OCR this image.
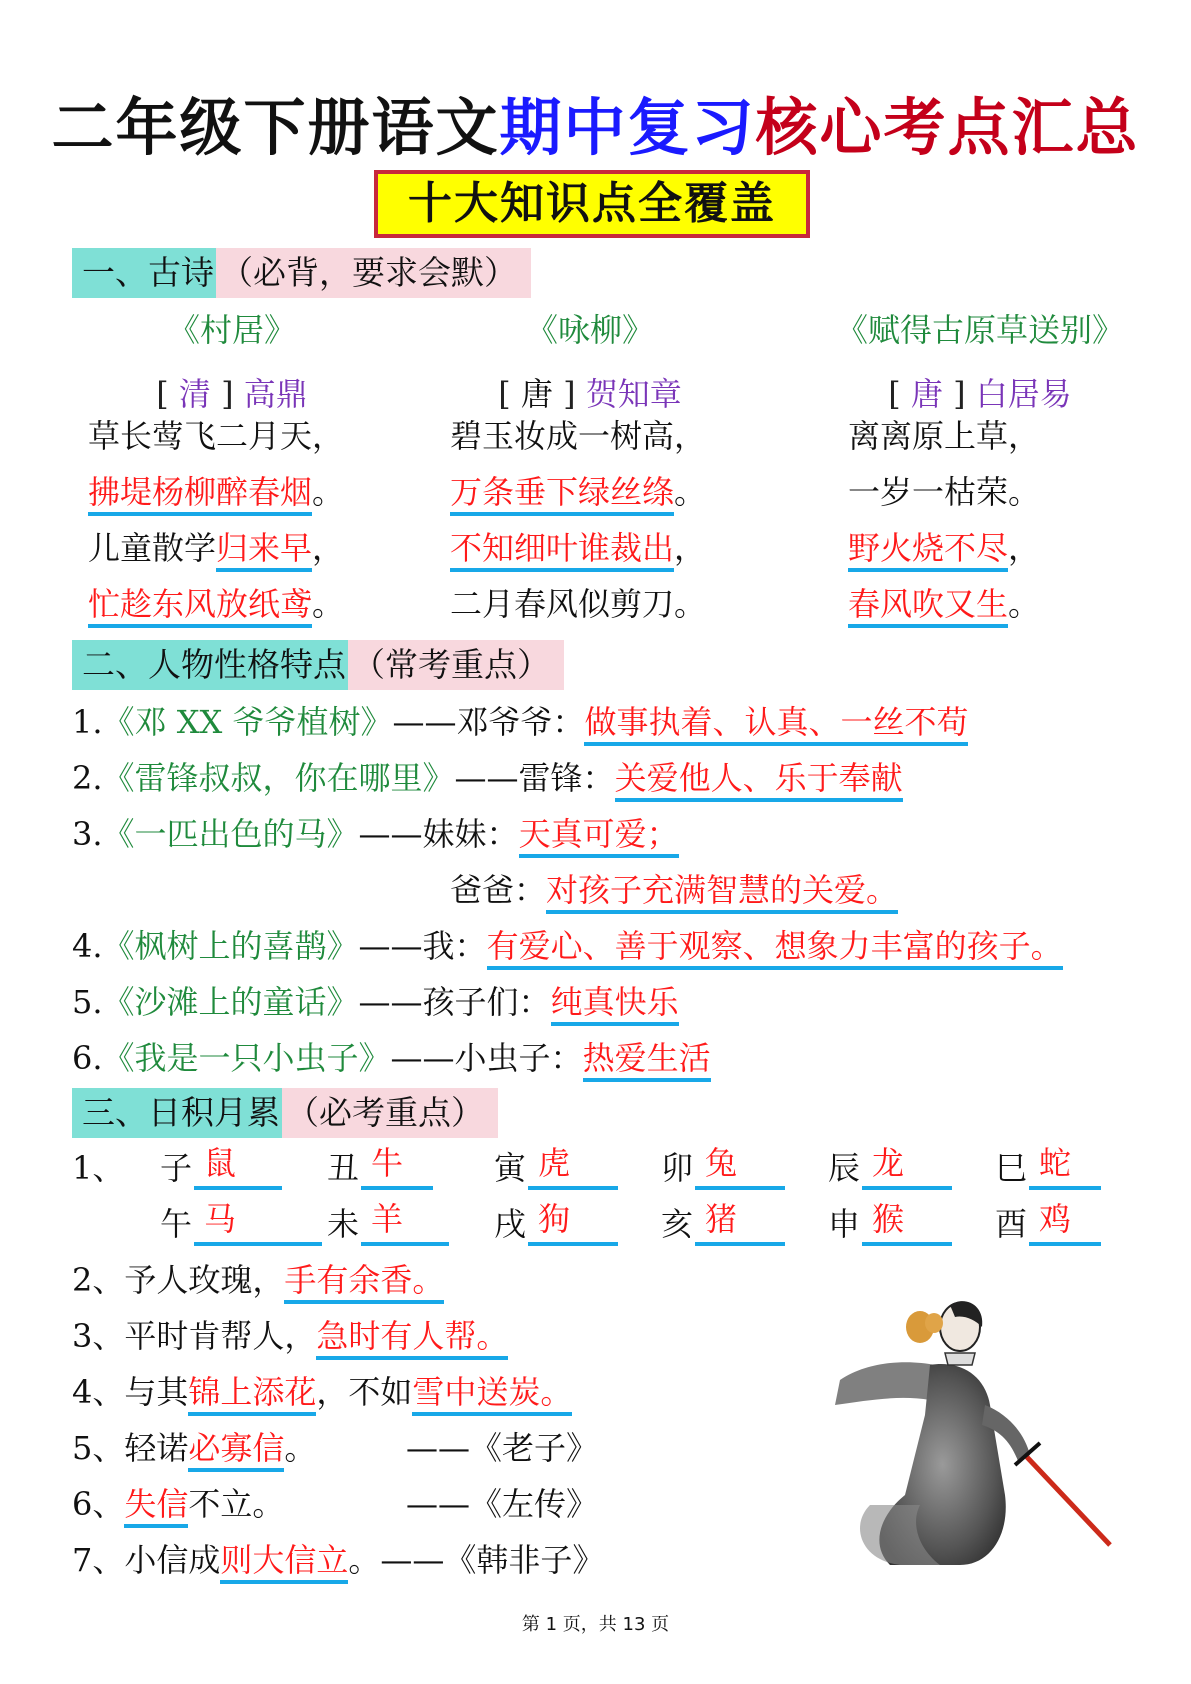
二年级下册语文期中复习核心考点汇总
十大知识点全覆盖
一、古诗 （必背，要求会默）
《村居》
[ 清 ] 高鼎
草长莺飞二月天，
拂堤杨柳醉春烟。
儿童散学归来早，
忙趁东风放纸鸢。
《咏柳》
[ 唐 ] 贺知章
碧玉妆成一树高，
万条垂下绿丝绦。
不知细叶谁裁出，
二月春风似剪刀。
《赋得古原草送别》
[ 唐 ] 白居易
离离原上草，
一岁一枯荣。
野火烧不尽，
春风吹又生。
二、人物性格特点 （常考重点）
1.《邓 XX 爷爷植树》——邓爷爷：做事执着、认真、一丝不苟
2.《雷锋叔叔，你在哪里》——雷锋：关爱他人、乐于奉献
3.《一匹出色的马》——妹妹：天真可爱；
爸爸：对孩子充满智慧的关爱。
4.《枫树上的喜鹊》——我：有爱心、善于观察、想象力丰富的孩子。
5.《沙滩上的童话》——孩子们：纯真快乐
6.《我是一只小虫子》——小虫子：热爱生活
三、日积月累 （必考重点）
1、	子 鼠	丑 牛	寅 虎	卯 兔	辰 龙	巳 蛇
午 马	未 羊	戌 狗	亥 猪	申 猴	酉 鸡
2、予人玫瑰，手有余香。
3、平时肯帮人，急时有人帮。
4、与其锦上添花，不如雪中送炭。
5、轻诺必寡信。	——《老子》
6、失信不立。	——《左传》
7、小信成则大信立。——《韩非子》
第 1 页，共 13 页
